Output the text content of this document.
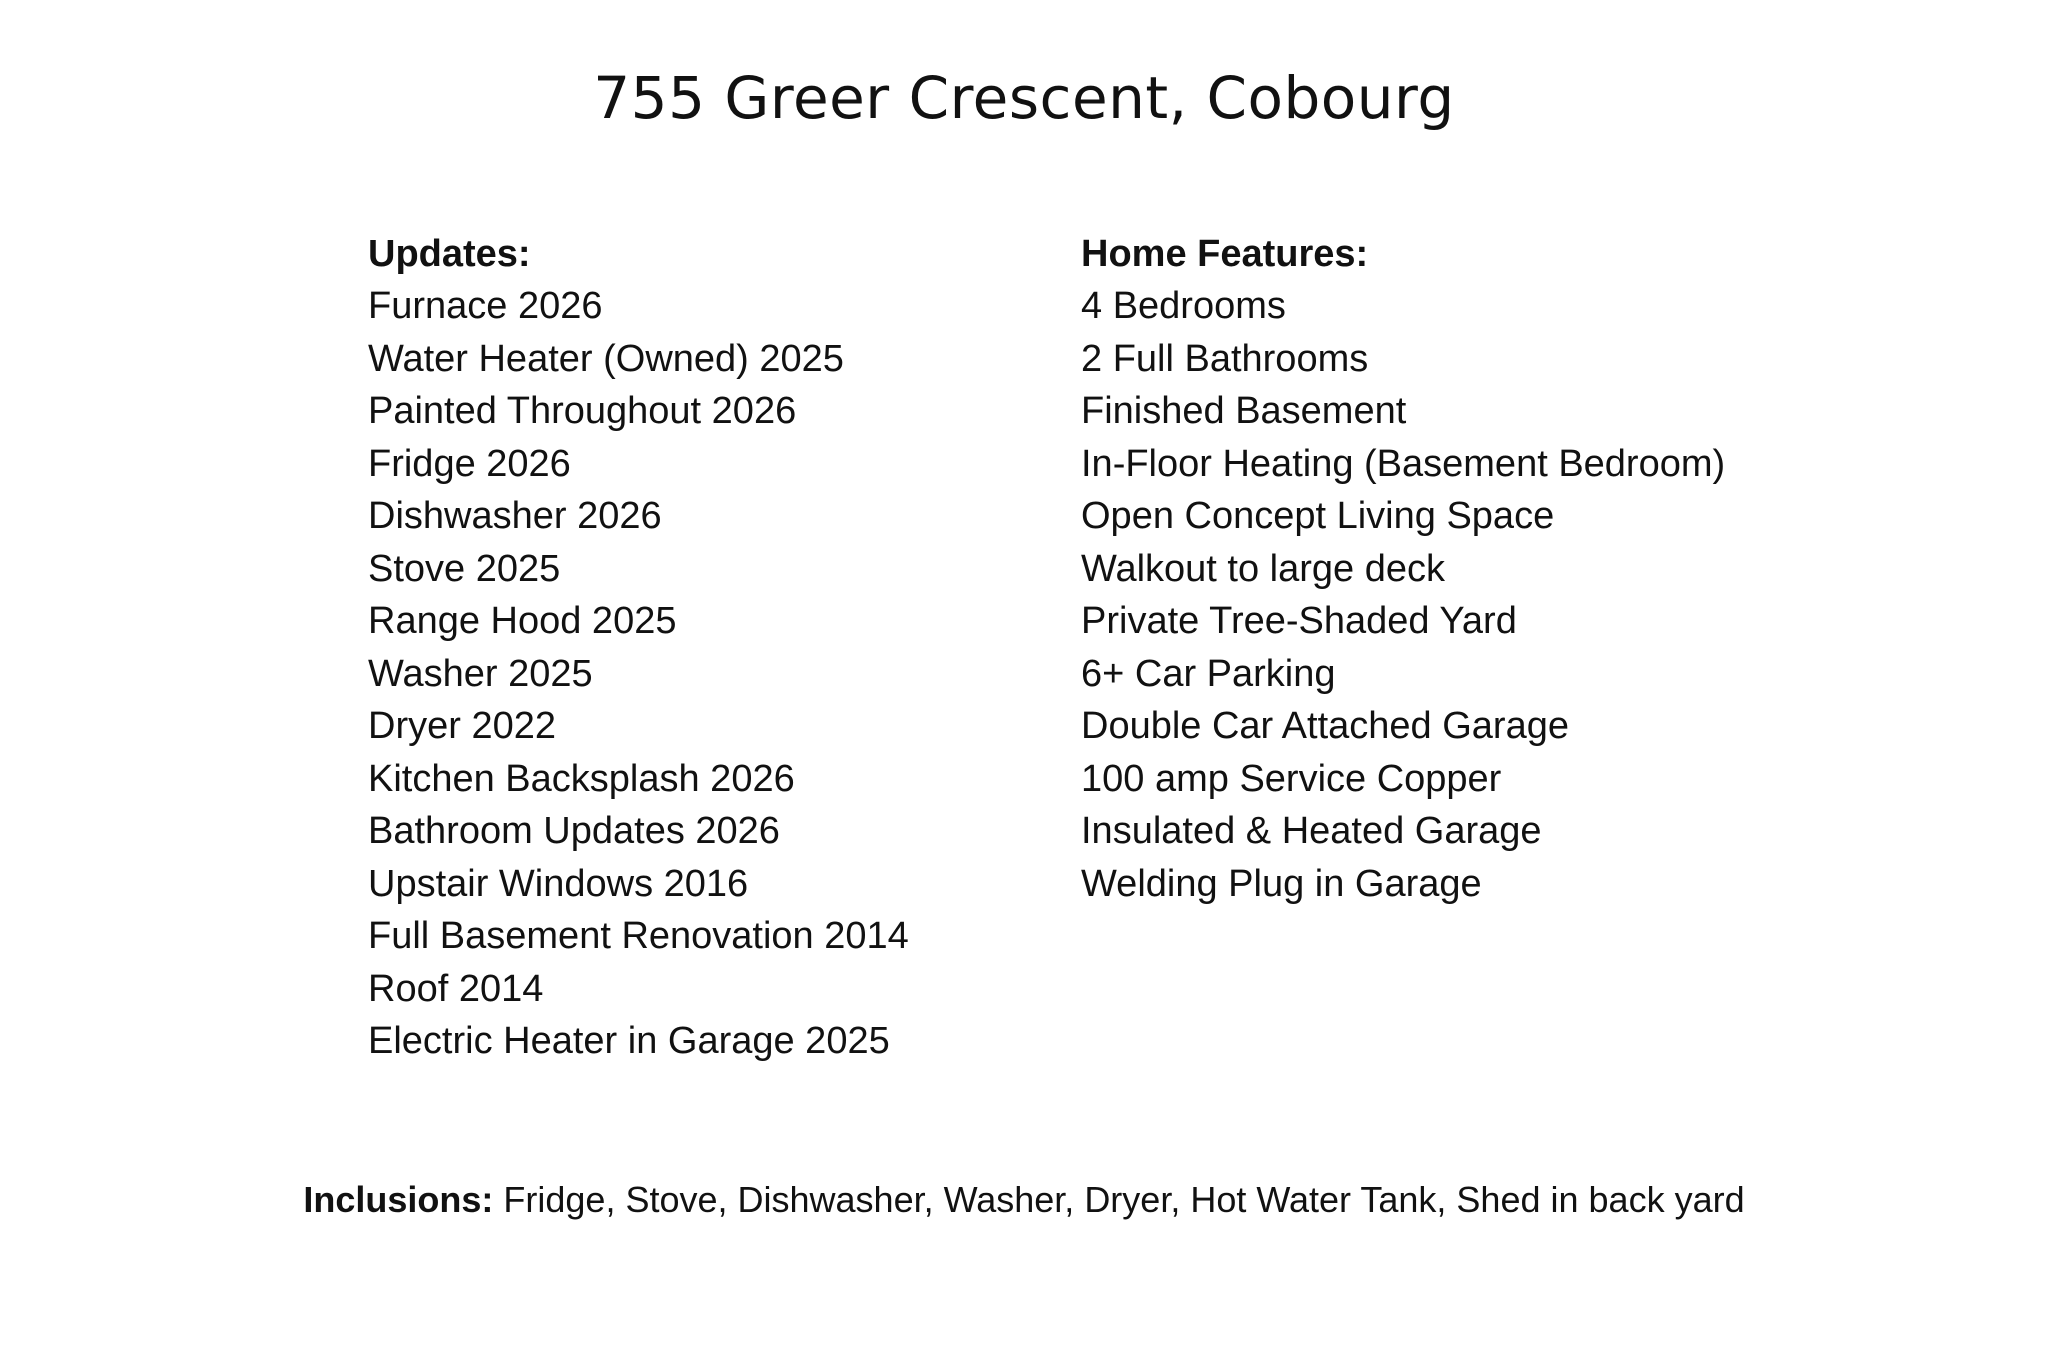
755 Greer Crescent, Cobourg
Updates:
Furnace 2026
Water Heater (Owned) 2025
Painted Throughout 2026
Fridge 2026
Dishwasher 2026
Stove 2025
Range Hood 2025
Washer 2025
Dryer 2022
Kitchen Backsplash 2026
Bathroom Updates 2026
Upstair Windows 2016
Full Basement Renovation 2014
Roof 2014
Electric Heater in Garage 2025
Home Features:
4 Bedrooms
2 Full Bathrooms
Finished Basement
In-Floor Heating (Basement Bedroom)
Open Concept Living Space
Walkout to large deck
Private Tree-Shaded Yard
6+ Car Parking
Double Car Attached Garage
100 amp Service Copper
Insulated & Heated Garage
Welding Plug in Garage

Inclusions: Fridge, Stove, Dishwasher, Washer, Dryer, Hot Water Tank, Shed in back yard
